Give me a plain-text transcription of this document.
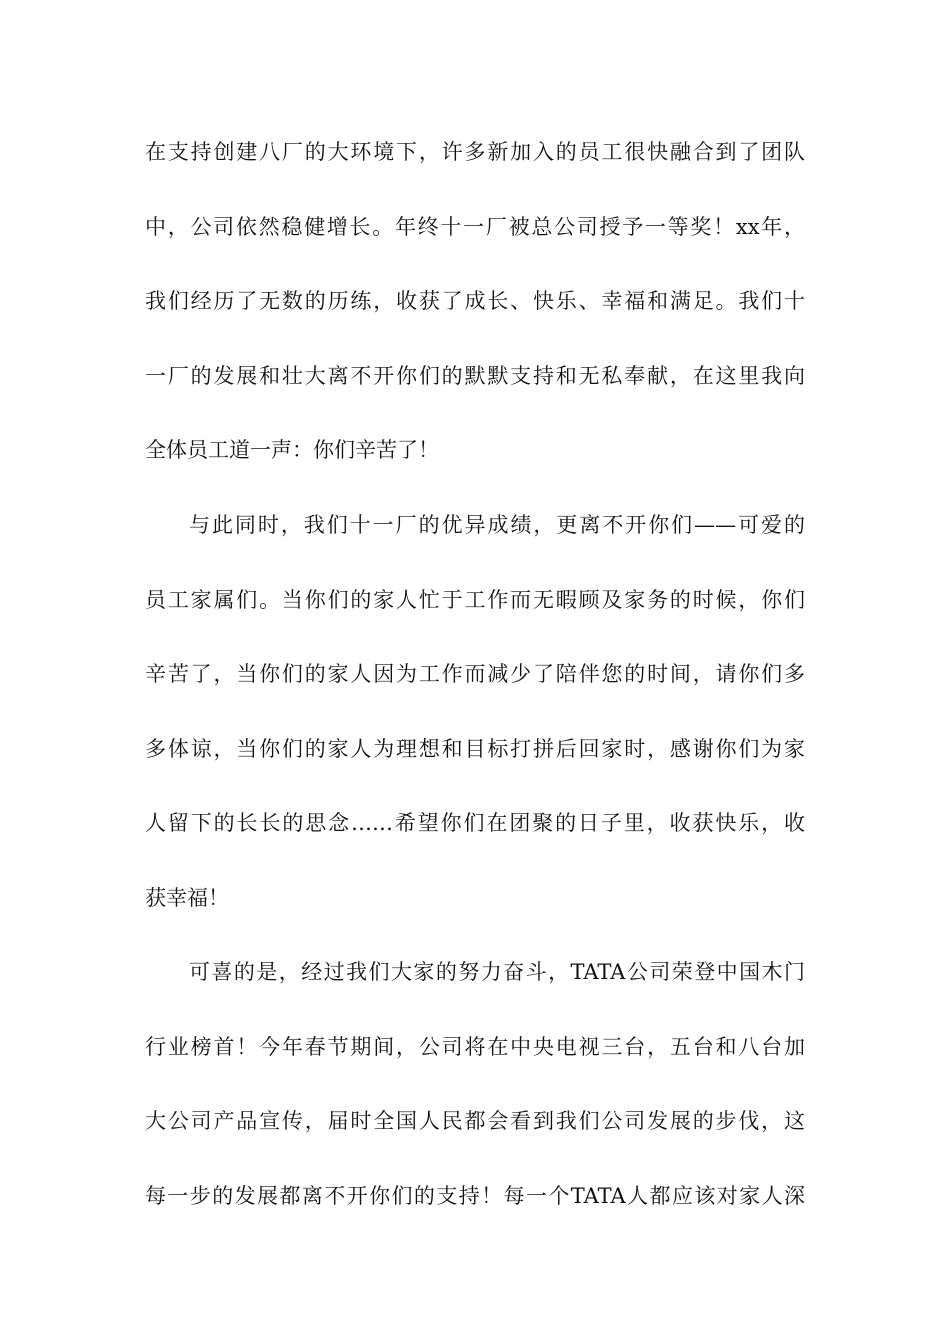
在支持创建八厂的大环境下，许多新加入的员工很快融合到了团队
中，公司依然稳健增长。年终十一厂被总公司授予一等奖！xx年，
我们经历了无数的历练，收获了成长、快乐、幸福和满足。我们十
一厂的发展和壮大离不开你们的默默支持和无私奉献，在这里我向
全体员工道一声：你们辛苦了！
与此同时，我们十一厂的优异成绩，更离不开你们——可爱的
员工家属们。当你们的家人忙于工作而无暇顾及家务的时候，你们
辛苦了，当你们的家人因为工作而减少了陪伴您的时间，请你们多
多体谅，当你们的家人为理想和目标打拼后回家时，感谢你们为家
人留下的长长的思念……希望你们在团聚的日子里，收获快乐，收
获幸福！
可喜的是，经过我们大家的努力奋斗，TATA公司荣登中国木门
行业榜首！今年春节期间，公司将在中央电视三台，五台和八台加
大公司产品宣传，届时全国人民都会看到我们公司发展的步伐，这
每一步的发展都离不开你们的支持！每一个TATA人都应该对家人深
